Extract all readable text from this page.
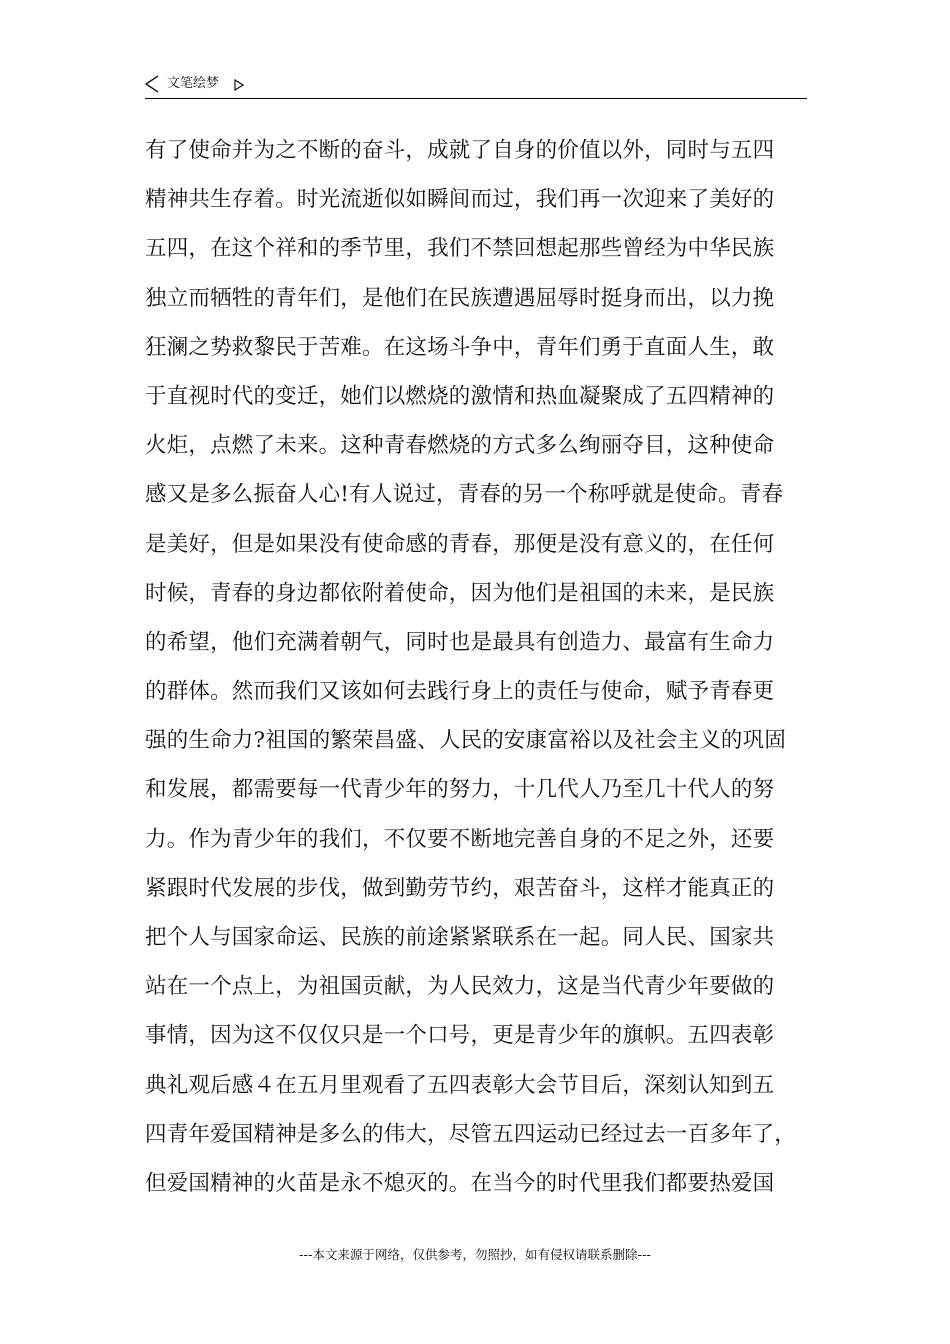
文笔绘梦
有了使命并为之不断的奋斗，成就了自身的价值以外，同时与五四
精神共生存着。时光流逝似如瞬间而过，我们再一次迎来了美好的
五四，在这个祥和的季节里，我们不禁回想起那些曾经为中华民族
独立而牺牲的青年们，是他们在民族遭遇屈辱时挺身而出，以力挽
狂澜之势救黎民于苦难。在这场斗争中，青年们勇于直面人生，敢
于直视时代的变迁，她们以燃烧的激情和热血凝聚成了五四精神的
火炬，点燃了未来。这种青春燃烧的方式多么绚丽夺目，这种使命
感又是多么振奋人心!有人说过，青春的另一个称呼就是使命。青春
是美好，但是如果没有使命感的青春，那便是没有意义的，在任何
时候，青春的身边都依附着使命，因为他们是祖国的未来，是民族
的希望，他们充满着朝气，同时也是最具有创造力、最富有生命力
的群体。然而我们又该如何去践行身上的责任与使命，赋予青春更
强的生命力?祖国的繁荣昌盛、人民的安康富裕以及社会主义的巩固
和发展，都需要每一代青少年的努力，十几代人乃至几十代人的努
力。作为青少年的我们，不仅要不断地完善自身的不足之外，还要
紧跟时代发展的步伐，做到勤劳节约，艰苦奋斗，这样才能真正的
把个人与国家命运、民族的前途紧紧联系在一起。同人民、国家共
站在一个点上，为祖国贡献，为人民效力，这是当代青少年要做的
事情，因为这不仅仅只是一个口号，更是青少年的旗帜。五四表彰
典礼观后感４在五月里观看了五四表彰大会节目后，深刻认知到五
四青年爱国精神是多么的伟大，尽管五四运动已经过去一百多年了，
但爱国精神的火苗是永不熄灭的。在当今的时代里我们都要热爱国
---本文来源于网络，仅供参考，勿照抄，如有侵权请联系删除---
